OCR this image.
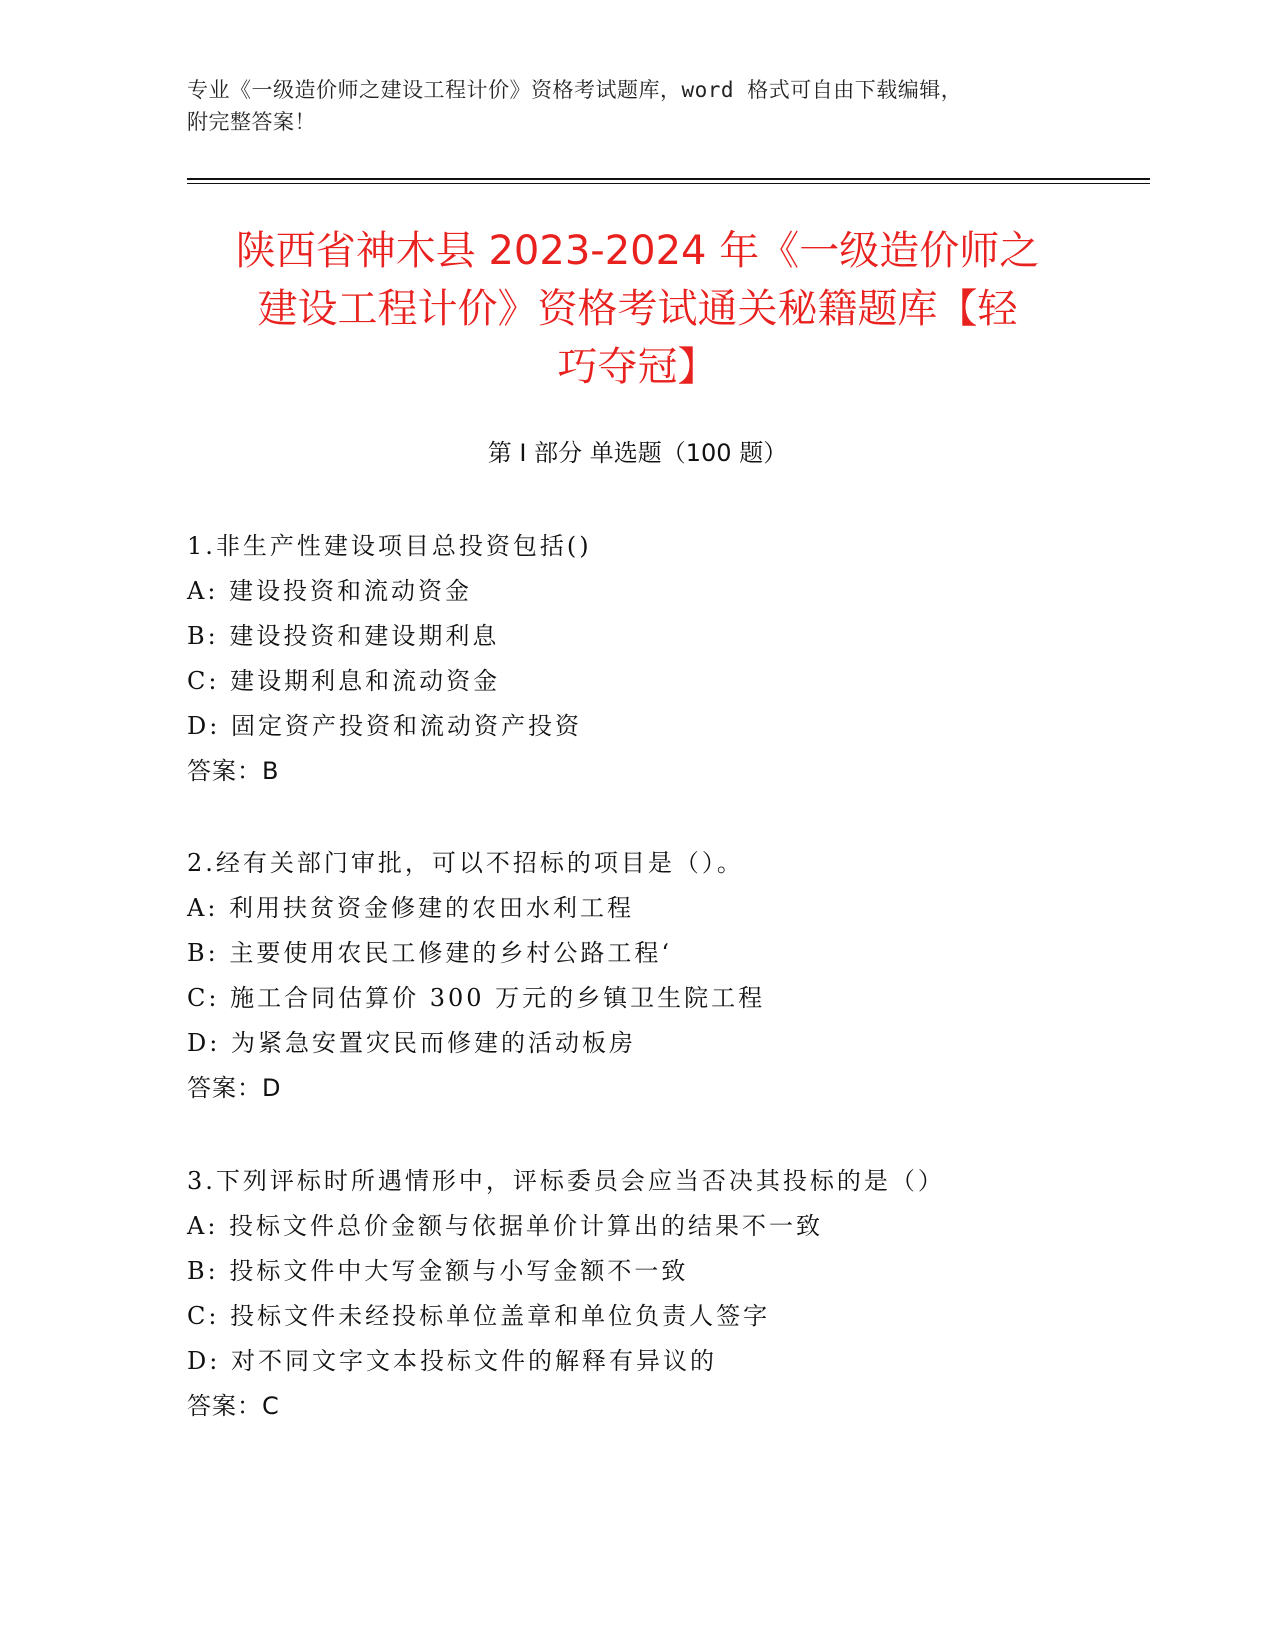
专业《一级造价师之建设工程计价》资格考试题库，word 格式可自由下载编辑，
附完整答案！
陕西省神木县 2023-2024 年《一级造价师之
建设工程计价》资格考试通关秘籍题库【轻
巧夺冠】
第 I 部分 单选题（100 题）
1.非生产性建设项目总投资包括()
A: 建设投资和流动资金
B: 建设投资和建设期利息
C: 建设期利息和流动资金
D: 固定资产投资和流动资产投资
答案：B
2.经有关部门审批，可以不招标的项目是（）。
A: 利用扶贫资金修建的农田水利工程
B: 主要使用农民工修建的乡村公路工程‘
C: 施工合同估算价 300 万元的乡镇卫生院工程
D: 为紧急安置灾民而修建的活动板房
答案：D
3.下列评标时所遇情形中，评标委员会应当否决其投标的是（）
A: 投标文件总价金额与依据单价计算出的结果不一致
B: 投标文件中大写金额与小写金额不一致
C: 投标文件未经投标单位盖章和单位负责人签字
D: 对不同文字文本投标文件的解释有异议的
答案：C
